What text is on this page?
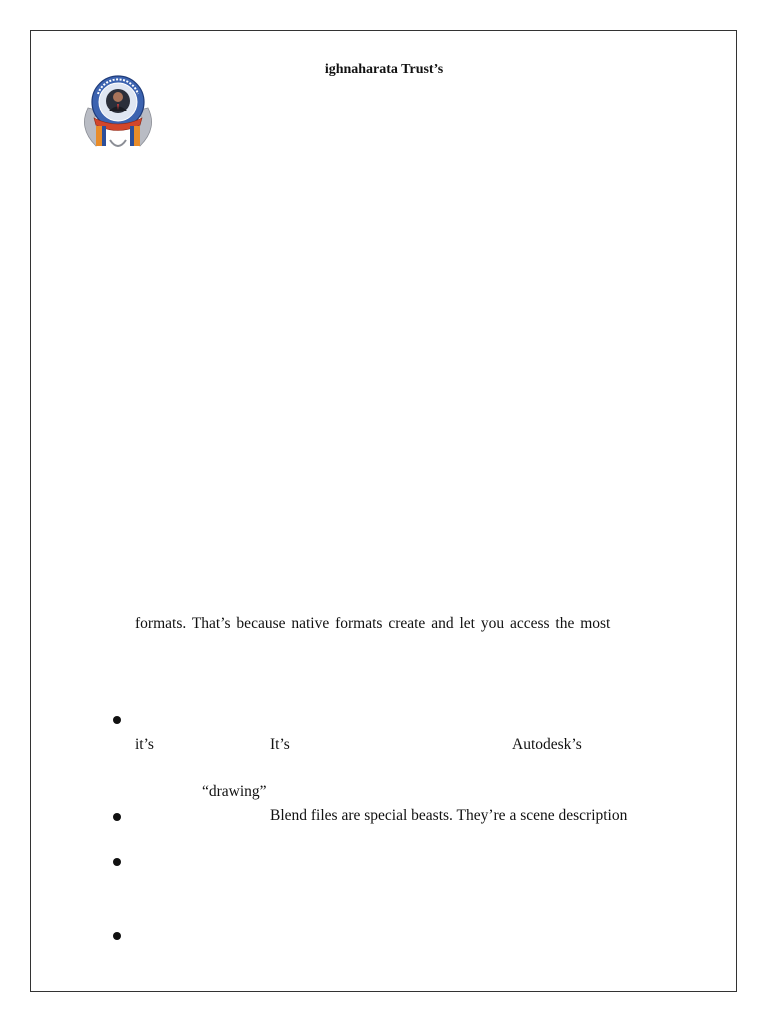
ighnaharata Trust’s
formats. That’s because native formats create and let you access the most
it’s	It’s	Autodesk’s
“drawing”
Blend files are special beasts. They’re a scene description
